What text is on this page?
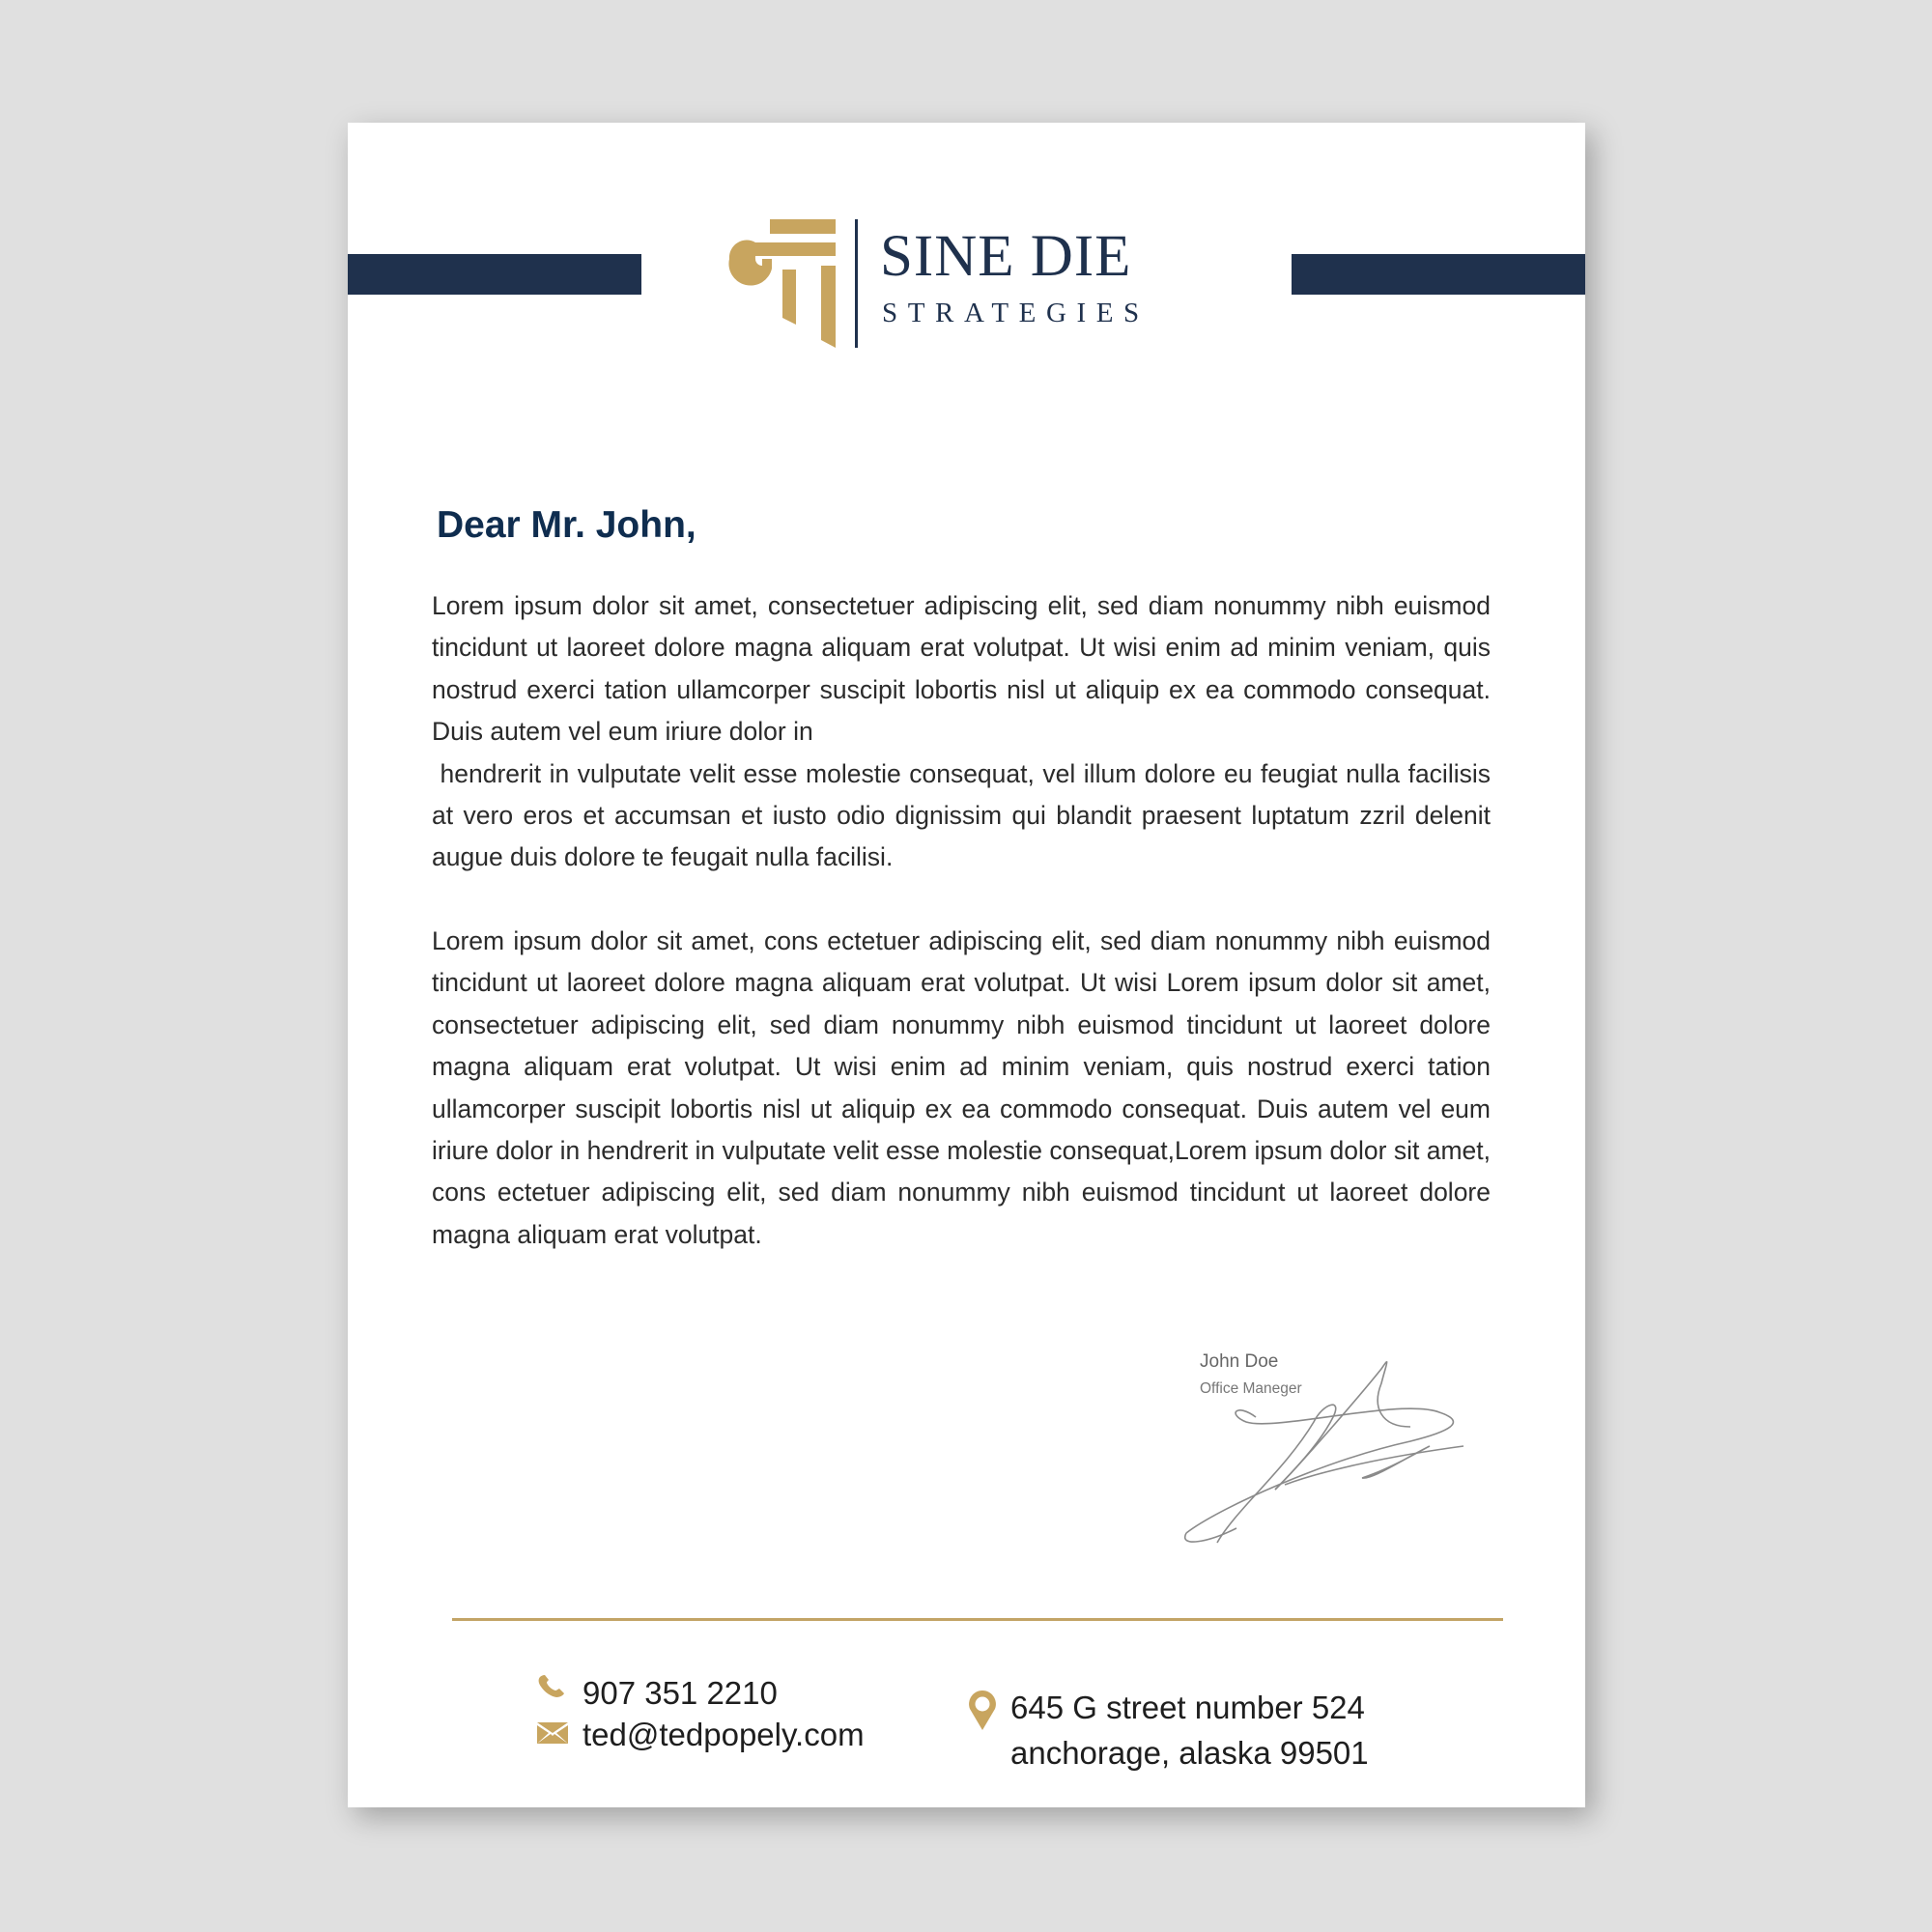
SINE DIE
STRATEGIES
Dear Mr. John,
Lorem ipsum dolor sit amet, consectetuer adipiscing elit, sed diam nonummy nibh euismod tincidunt ut laoreet dolore magna aliquam erat volutpat. Ut wisi enim ad minim veniam, quis nostrud exerci tation ullamcorper suscipit lobortis nisl ut aliquip ex ea commodo consequat. Duis autem vel eum iriure dolor in
hendrerit in vulputate velit esse molestie consequat, vel illum dolore eu feugiat nulla facilisis at vero eros et accumsan et iusto odio dignissim qui blandit praesent luptatum zzril delenit augue duis dolore te feugait nulla facilisi.
Lorem ipsum dolor sit amet, cons ectetuer adipiscing elit, sed diam nonummy nibh euismod tincidunt ut laoreet dolore magna aliquam erat volutpat. Ut wisi Lorem ipsum dolor sit amet, consectetuer adipiscing elit, sed diam nonummy nibh euismod tincidunt ut laoreet dolore magna aliquam erat volutpat. Ut wisi enim ad minim veniam, quis nostrud exerci tation ullamcorper suscipit lobortis nisl ut aliquip ex ea commodo consequat. Duis autem vel eum iriure dolor in hendrerit in vulputate velit esse molestie consequat,Lorem ipsum dolor sit amet, cons ectetuer adipiscing elit, sed diam nonummy nibh euismod tincidunt ut laoreet dolore magna aliquam erat volutpat.
John Doe
Office Maneger
907 351 2210
ted@tedpopely.com
645 G street number 524
anchorage, alaska 99501
